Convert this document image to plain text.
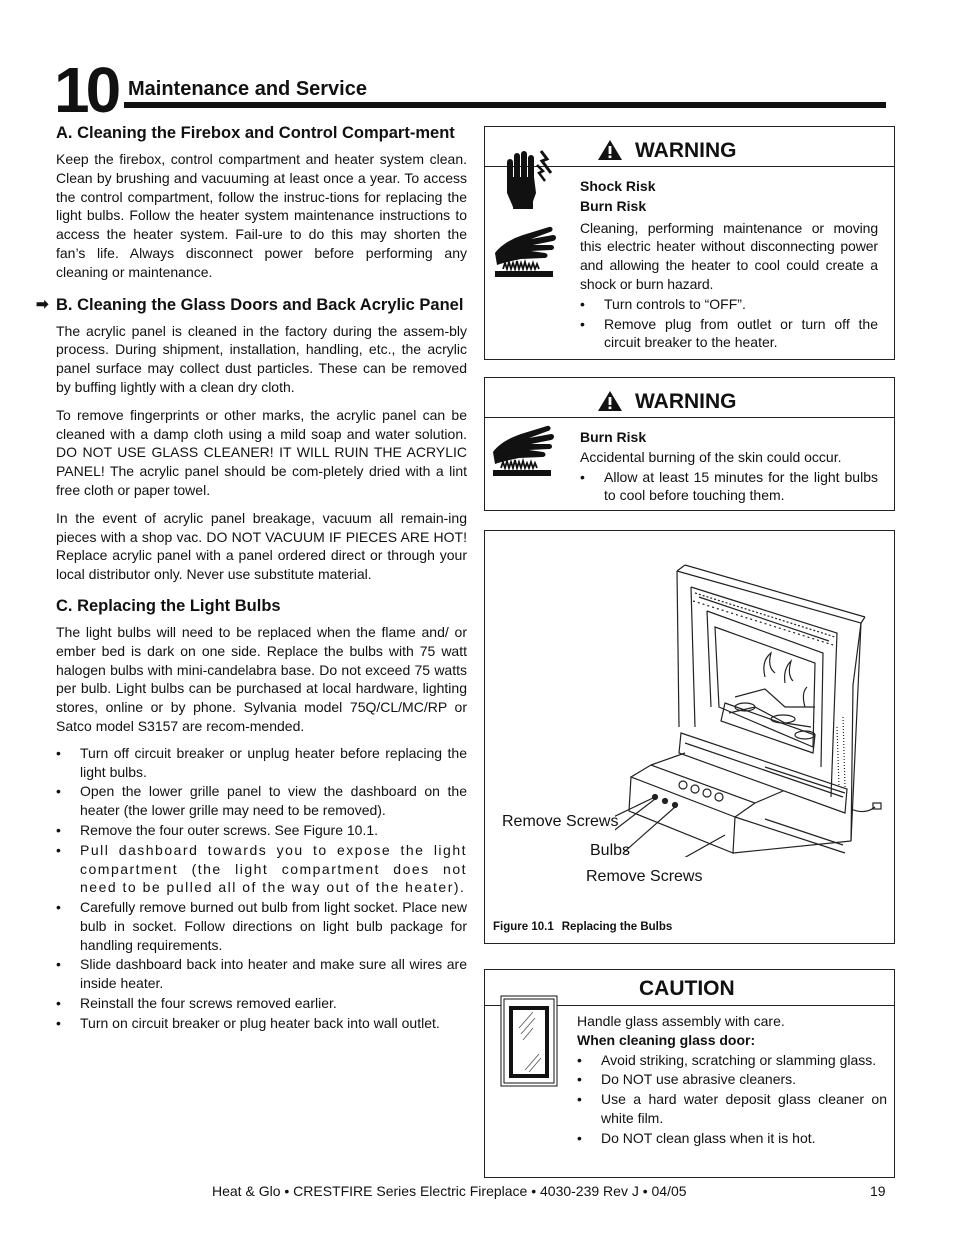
10 Maintenance and Service
A. Cleaning the Firebox and Control Compart-ment
Keep the firebox, control compartment and heater system clean. Clean by brushing and vacuuming at least once a year. To access the control compartment, follow the instruc-tions for replacing the light bulbs. Follow the heater system maintenance instructions to access the heater system. Fail-ure to do this may shorten the fan’s life. Always disconnect power before performing any cleaning or maintenance.
➡ B. Cleaning the Glass Doors and Back Acrylic Panel
The acrylic panel is cleaned in the factory during the assem-bly process. During shipment, installation, handling, etc., the acrylic panel surface may collect dust particles. These can be removed by buffing lightly with a clean dry cloth.
To remove fingerprints or other marks, the acrylic panel can be cleaned with a damp cloth using a mild soap and water solution. DO NOT USE GLASS CLEANER! IT WILL RUIN THE ACRYLIC PANEL! The acrylic panel should be com-pletely dried with a lint free cloth or paper towel.
In the event of acrylic panel breakage, vacuum all remain-ing pieces with a shop vac. DO NOT VACUUM IF PIECES ARE HOT! Replace acrylic panel with a panel ordered direct or through your local distributor only. Never use substitute material.
C. Replacing the Light Bulbs
The light bulbs will need to be replaced when the flame and/ or ember bed is dark on one side. Replace the bulbs with 75 watt halogen bulbs with mini-candelabra base. Do not exceed 75 watts per bulb. Light bulbs can be purchased at local hardware, lighting stores, online or by phone. Sylvania model 75Q/CL/MC/RP or Satco model S3157 are recom-mended.
• Turn off circuit breaker or unplug heater before replacing the light bulbs.
• Open the lower grille panel to view the dashboard on the heater (the lower grille may need to be removed).
• Remove the four outer screws. See Figure 10.1.
• Pull dashboard towards you to expose the light compartment (the light compartment does not need to be pulled all of the way out of the heater).
• Carefully remove burned out bulb from light socket. Place new bulb in socket. Follow directions on light bulb package for handling requirements.
• Slide dashboard back into heater and make sure all wires are inside heater.
• Reinstall the four screws removed earlier.
• Turn on circuit breaker or plug heater back into wall outlet.
WARNING
Shock Risk
Burn Risk
Cleaning, performing maintenance or moving this electric heater without disconnecting power and allowing the heater to cool could create a shock or burn hazard.
• Turn controls to “OFF”.
• Remove plug from outlet or turn off the circuit breaker to the heater.
WARNING
Burn Risk
Accidental burning of the skin could occur.
• Allow at least 15 minutes for the light bulbs to cool before touching them.
Remove Screws
Bulbs
Remove Screws
Figure 10.1 Replacing the Bulbs
CAUTION
Handle glass assembly with care.
When cleaning glass door:
• Avoid striking, scratching or slamming glass.
• Do NOT use abrasive cleaners.
• Use a hard water deposit glass cleaner on white film.
• Do NOT clean glass when it is hot.
Heat & Glo • CRESTFIRE Series Electric Fireplace • 4030-239 Rev J • 04/05	19
